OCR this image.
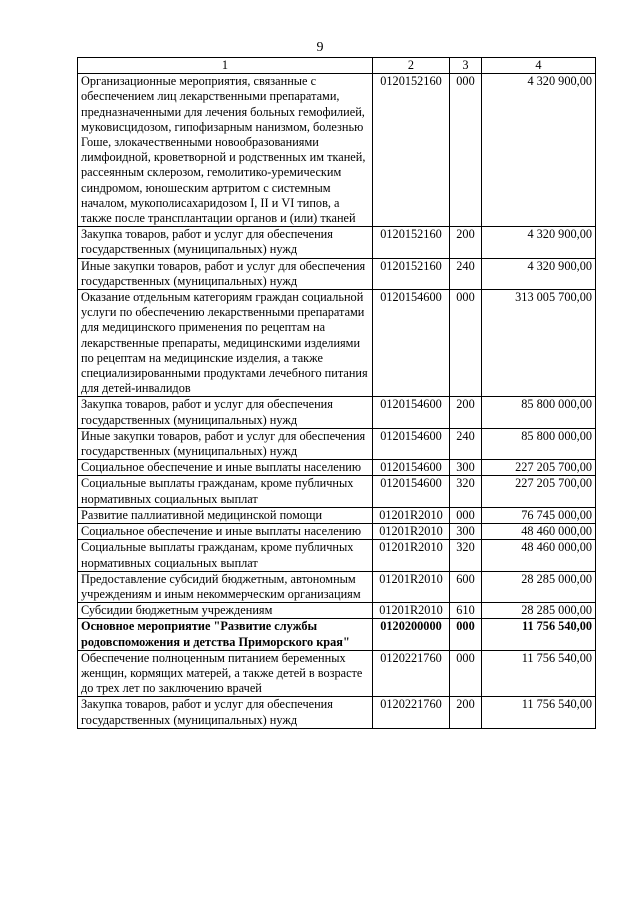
9
1	2	3	4
Организационные мероприятия, связанные с обеспечением лиц лекарственными препаратами, предназначенными для лечения больных гемофилией, муковисцидозом, гипофизарным нанизмом, болезнью Гоше, злокачественными новообразованиями лимфоидной, кроветворной и родственных им тканей, рассеянным склерозом, гемолитико-уремическим синдромом, юношеским артритом с системным началом, мукополисахаридозом I, II и VI типов, а также после трансплантации органов и (или) тканей	0120152160	000	4 320 900,00
Закупка товаров, работ и услуг для обеспечения государственных (муниципальных) нужд	0120152160	200	4 320 900,00
Иные закупки товаров, работ и услуг для обеспечения государственных (муниципальных) нужд	0120152160	240	4 320 900,00
Оказание отдельным категориям граждан социальной услуги по обеспечению лекарственными препаратами для медицинского применения по рецептам на лекарственные препараты, медицинскими изделиями по рецептам на медицинские изделия, а также специализированными продуктами лечебного питания для детей-инвалидов	0120154600	000	313 005 700,00
Закупка товаров, работ и услуг для обеспечения государственных (муниципальных) нужд	0120154600	200	85 800 000,00
Иные закупки товаров, работ и услуг для обеспечения государственных (муниципальных) нужд	0120154600	240	85 800 000,00
Социальное обеспечение и иные выплаты населению	0120154600	300	227 205 700,00
Социальные выплаты гражданам, кроме публичных нормативных социальных выплат	0120154600	320	227 205 700,00
Развитие паллиативной медицинской помощи	01201R2010	000	76 745 000,00
Социальное обеспечение и иные выплаты населению	01201R2010	300	48 460 000,00
Социальные выплаты гражданам, кроме публичных нормативных социальных выплат	01201R2010	320	48 460 000,00
Предоставление субсидий бюджетным, автономным учреждениям и иным некоммерческим организациям	01201R2010	600	28 285 000,00
Субсидии бюджетным учреждениям	01201R2010	610	28 285 000,00
Основное мероприятие "Развитие службы родовспоможения и детства Приморского края"	0120200000	000	11 756 540,00
Обеспечение полноценным питанием беременных женщин, кормящих матерей, а также детей в возрасте до трех лет по заключению врачей	0120221760	000	11 756 540,00
Закупка товаров, работ и услуг для обеспечения государственных (муниципальных) нужд	0120221760	200	11 756 540,00
